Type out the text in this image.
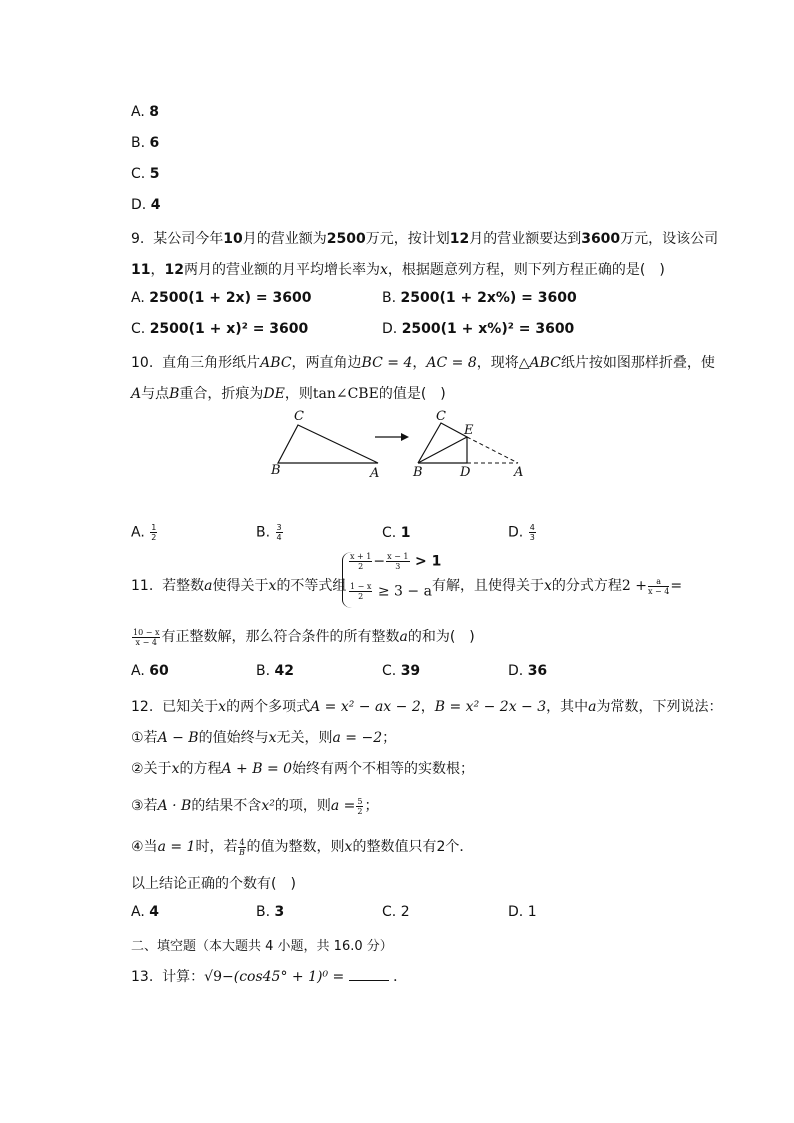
A. 8
B. 6
C. 5
D. 4
9. 某公司今年10月的营业额为2500万元，按计划12月的营业额要达到3600万元，设该公司
11，12两月的营业额的月平均增长率为x，根据题意列方程，则下列方程正确的是(　)
A. 2500(1 + 2x) = 3600	B. 2500(1 + 2x%) = 3600
C. 2500(1 + x)² = 3600	D. 2500(1 + x%)² = 3600
10. 直角三角形纸片ABC，两直角边BC = 4，AC = 8，现将△ABC纸片按如图那样折叠，使
A与点B重合，折痕为DE，则tan∠CBE的值是(　)
C
B	A
C
E
B	D	A
A. $\frac{1}{2}$	B. $\frac{3}{4}$	C. 1	D. $\frac{4}{3}$
11. 若整数a使得关于x的不等式组
$\frac{x + 1}{2} - \frac{x - 1}{3} > 1$
$\frac{1 - x}{2} \ge 3 - a$ 有解，且使得关于x的分式方程$2 + \frac{a}{x - 4}$ =
$\frac{10 - x}{x - 4}$ 有正整数解，那么符合条件的所有整数a的和为(　)
A. 60	B. 42	C. 39	D. 36
12. 已知关于x的两个多项式A = x² − ax − 2，B = x² − 2x − 3，其中a为常数，下列说法：
①若A − B的值始终与x无关，则a = −2；
②关于x的方程A + B = 0始终有两个不相等的实数根；
③若A · B的结果不含x²的项，则$a = \frac{5}{2}$ ；
④当a = 1时，若 $\frac{4}{B}$的值为整数，则x的整数值只有2个．
以上结论正确的个数有(　)
A. 4	B. 3	C. 2	D. 1
二、填空题（本大题共 4 小题，共 16.0 分）
13. 计算：√9−(cos45° + 1)⁰ =	．
